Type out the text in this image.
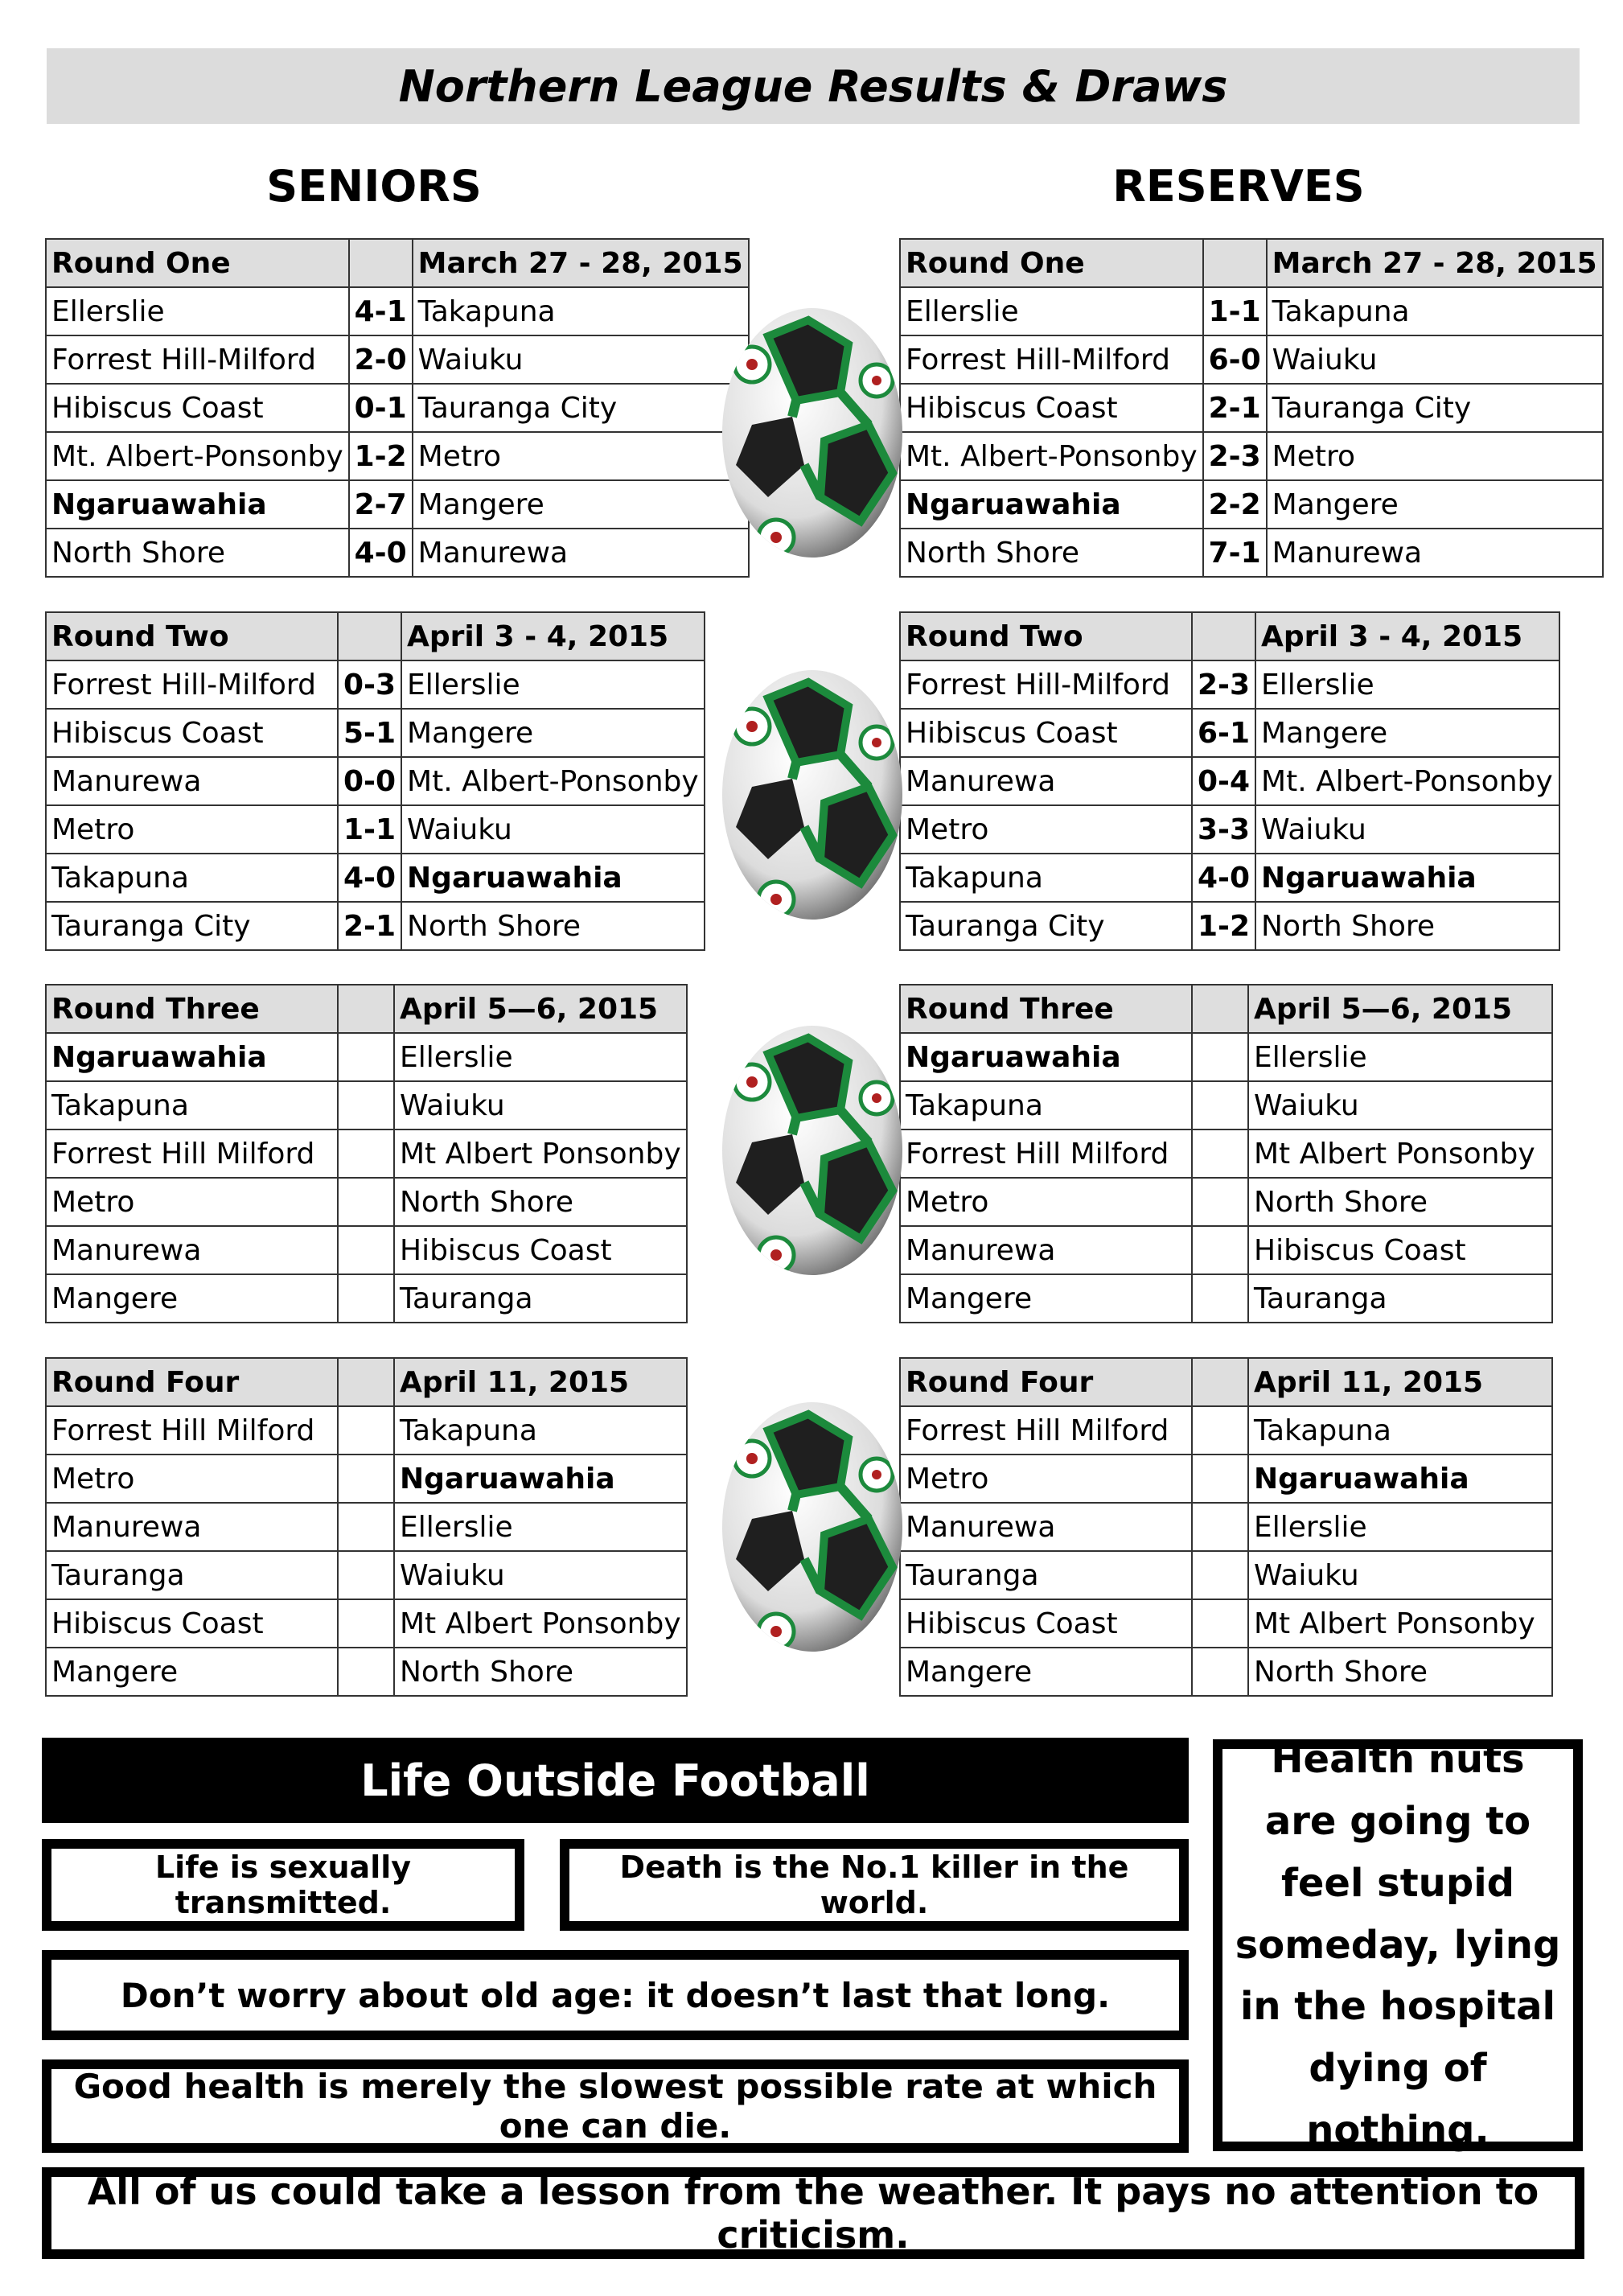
Northern League Results & Draws
SENIORS	RESERVES
Round One		March 27 - 28, 2015
Ellerslie	4-1	Takapuna
Forrest Hill-Milford	2-0	Waiuku
Hibiscus Coast	0-1	Tauranga City
Mt. Albert-Ponsonby	1-2	Metro
Ngaruawahia	2-7	Mangere
North Shore	4-0	Manurewa
Round Two		April 3 - 4, 2015
Forrest Hill-Milford	0-3	Ellerslie
Hibiscus Coast	5-1	Mangere
Manurewa	0-0	Mt. Albert-Ponsonby
Metro	1-1	Waiuku
Takapuna	4-0	Ngaruawahia
Tauranga City	2-1	North Shore
Round Three		April 5—6, 2015
Ngaruawahia		Ellerslie
Takapuna		Waiuku
Forrest Hill Milford		Mt Albert Ponsonby
Metro		North Shore
Manurewa		Hibiscus Coast
Mangere		Tauranga
Round Four		April 11, 2015
Forrest Hill Milford		Takapuna
Metro		Ngaruawahia
Manurewa		Ellerslie
Tauranga		Waiuku
Hibiscus Coast		Mt Albert Ponsonby
Mangere		North Shore
Round One		March 27 - 28, 2015
Ellerslie	1-1	Takapuna
Forrest Hill-Milford	6-0	Waiuku
Hibiscus Coast	2-1	Tauranga City
Mt. Albert-Ponsonby	2-3	Metro
Ngaruawahia	2-2	Mangere
North Shore	7-1	Manurewa
Round Two		April 3 - 4, 2015
Forrest Hill-Milford	2-3	Ellerslie
Hibiscus Coast	6-1	Mangere
Manurewa	0-4	Mt. Albert-Ponsonby
Metro	3-3	Waiuku
Takapuna	4-0	Ngaruawahia
Tauranga City	1-2	North Shore
Round Three		April 5—6, 2015
Ngaruawahia		Ellerslie
Takapuna		Waiuku
Forrest Hill Milford		Mt Albert Ponsonby
Metro		North Shore
Manurewa		Hibiscus Coast
Mangere		Tauranga
Round Four		April 11, 2015
Forrest Hill Milford		Takapuna
Metro		Ngaruawahia
Manurewa		Ellerslie
Tauranga		Waiuku
Hibiscus Coast		Mt Albert Ponsonby
Mangere		North Shore
Life Outside Football
Life is sexually transmitted.
Death is the No.1 killer in the world.
Don’t worry about old age: it doesn’t last that long.
Good health is merely the slowest possible rate at which one can die.
Health nuts are going to feel stupid someday, lying in the hospital dying of nothing.
All of us could take a lesson from the weather. It pays no attention to criticism.
